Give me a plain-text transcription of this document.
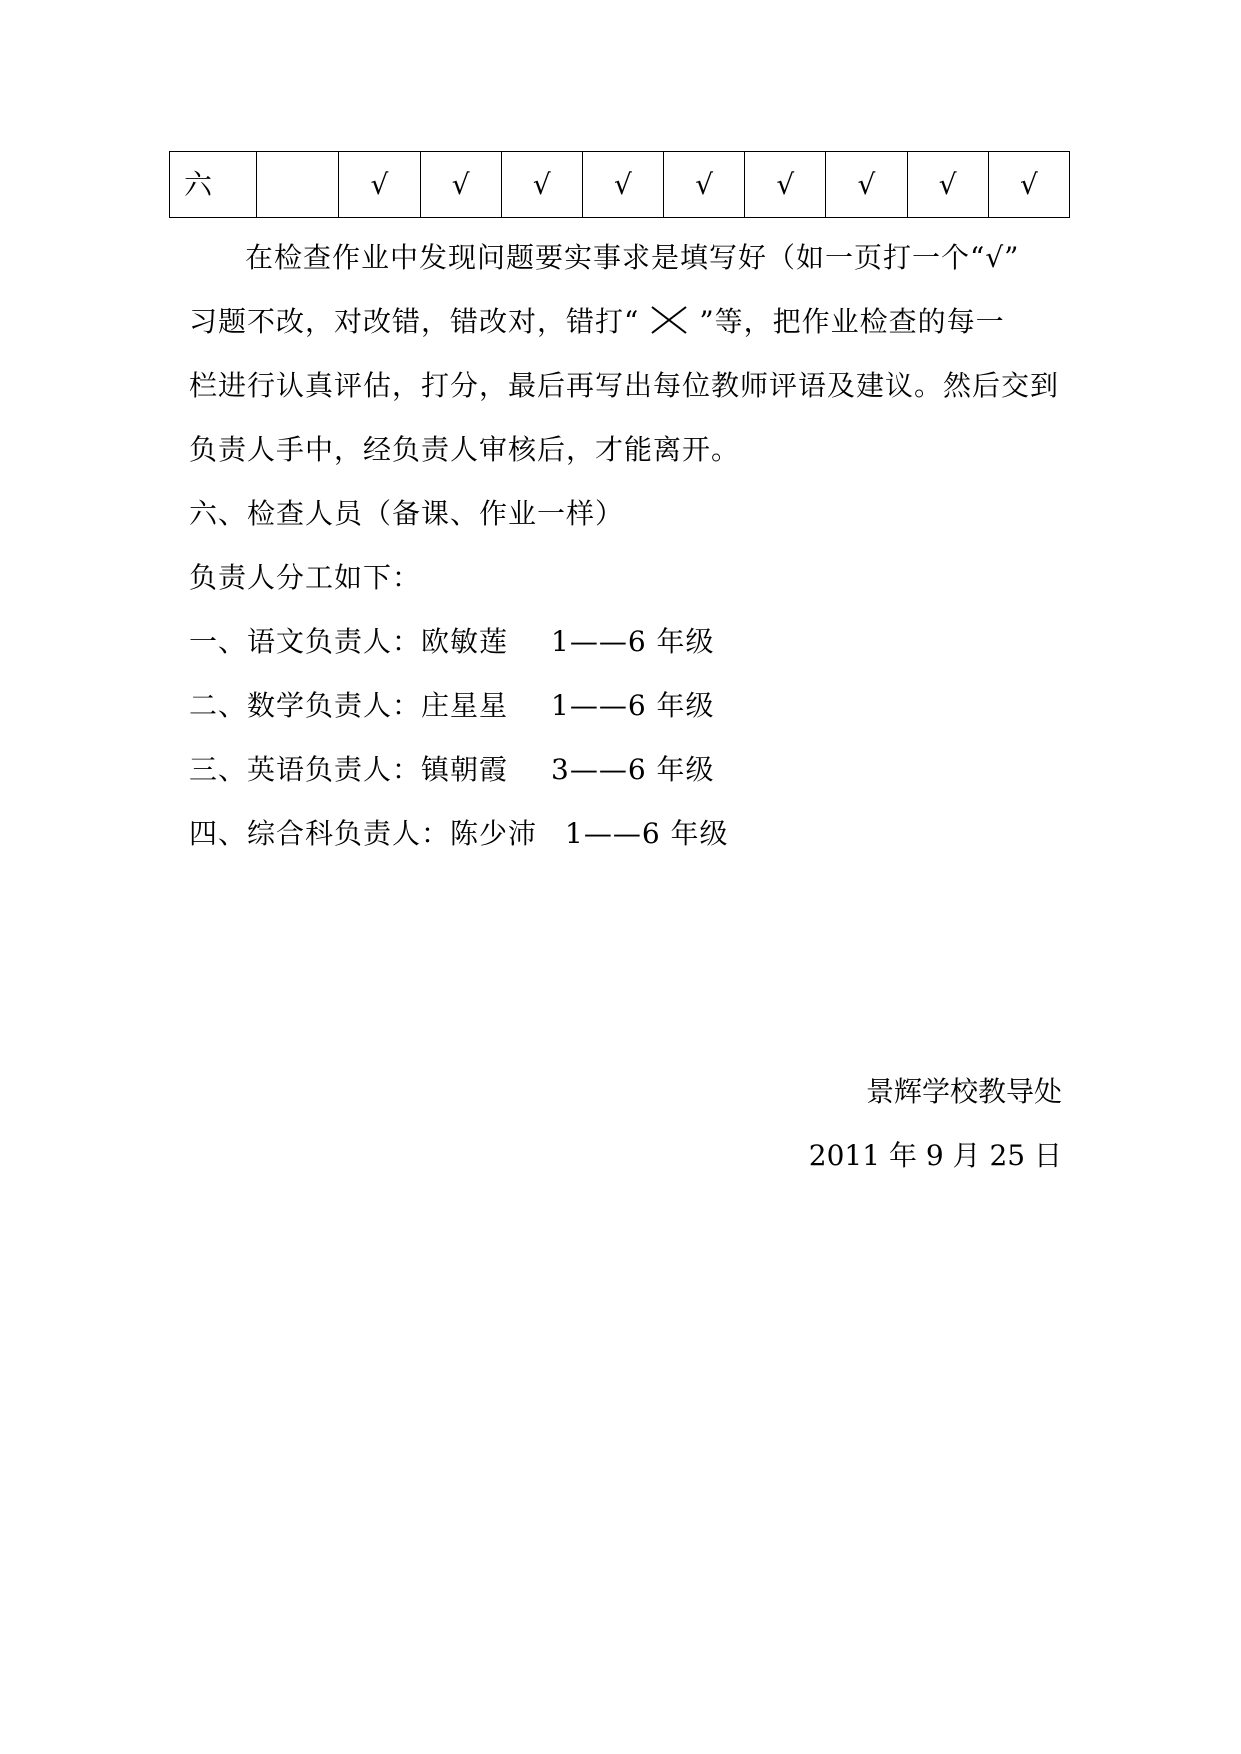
六		√	√	√	√	√	√	√	√	√
在检查作业中发现问题要实事求是填写好（如一页打一个“√”
习题不改，对改错，错改对，错打“ ”等，把作业检查的每一
栏进行认真评估，打分，最后再写出每位教师评语及建议。然后交到
负责人手中，经负责人审核后，才能离开。
六、检查人员（备课、作业一样）
负责人分工如下：
一、语文负责人：欧敏莲 1——6 年级
二、数学负责人：庄星星 1——6 年级
三、英语负责人：镇朝霞 3——6 年级
四、综合科负责人：陈少沛 1——6 年级
景辉学校教导处
2011 年 9 月 25 日
